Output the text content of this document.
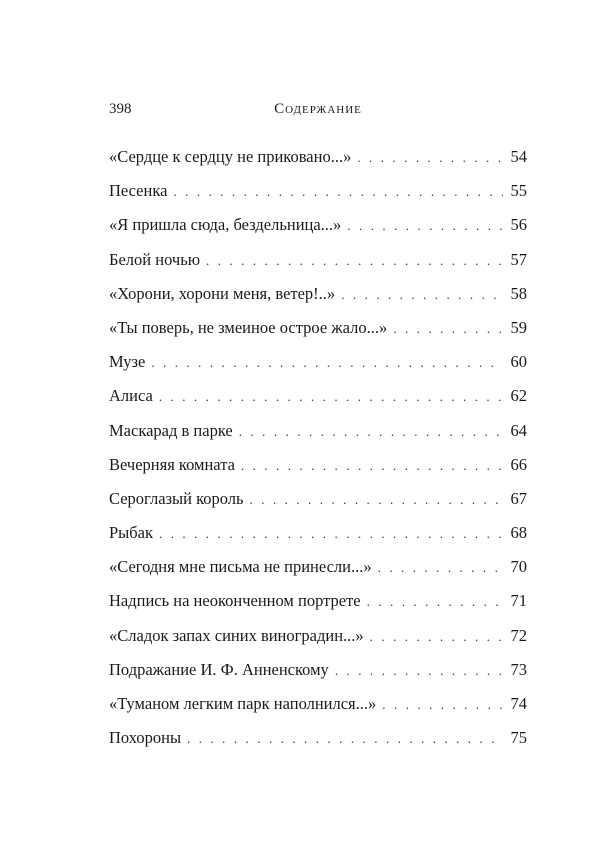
398	Содержание
«Сердце к сердцу не приковано...» . . .	54
Песенка . . .	55
«Я пришла сюда, бездельница...» . . .	56
Белой ночью . . .	57
«Хорони, хорони меня, ветер!..» . . .	58
«Ты поверь, не змеиное острое жало...» . . .	59
Музе . . .	60
Алиса . . .	62
Маскарад в парке . . .	64
Вечерняя комната . . .	66
Сероглазый король . . .	67
Рыбак . . .	68
«Сегодня мне письма не принесли...» . . .	70
Надпись на неоконченном портрете . . .	71
«Сладок запах синих виноградин...» . . .	72
Подражание И. Ф. Анненскому . . .	73
«Туманом легким парк наполнился...» . . .	74
Похороны . . .	75
